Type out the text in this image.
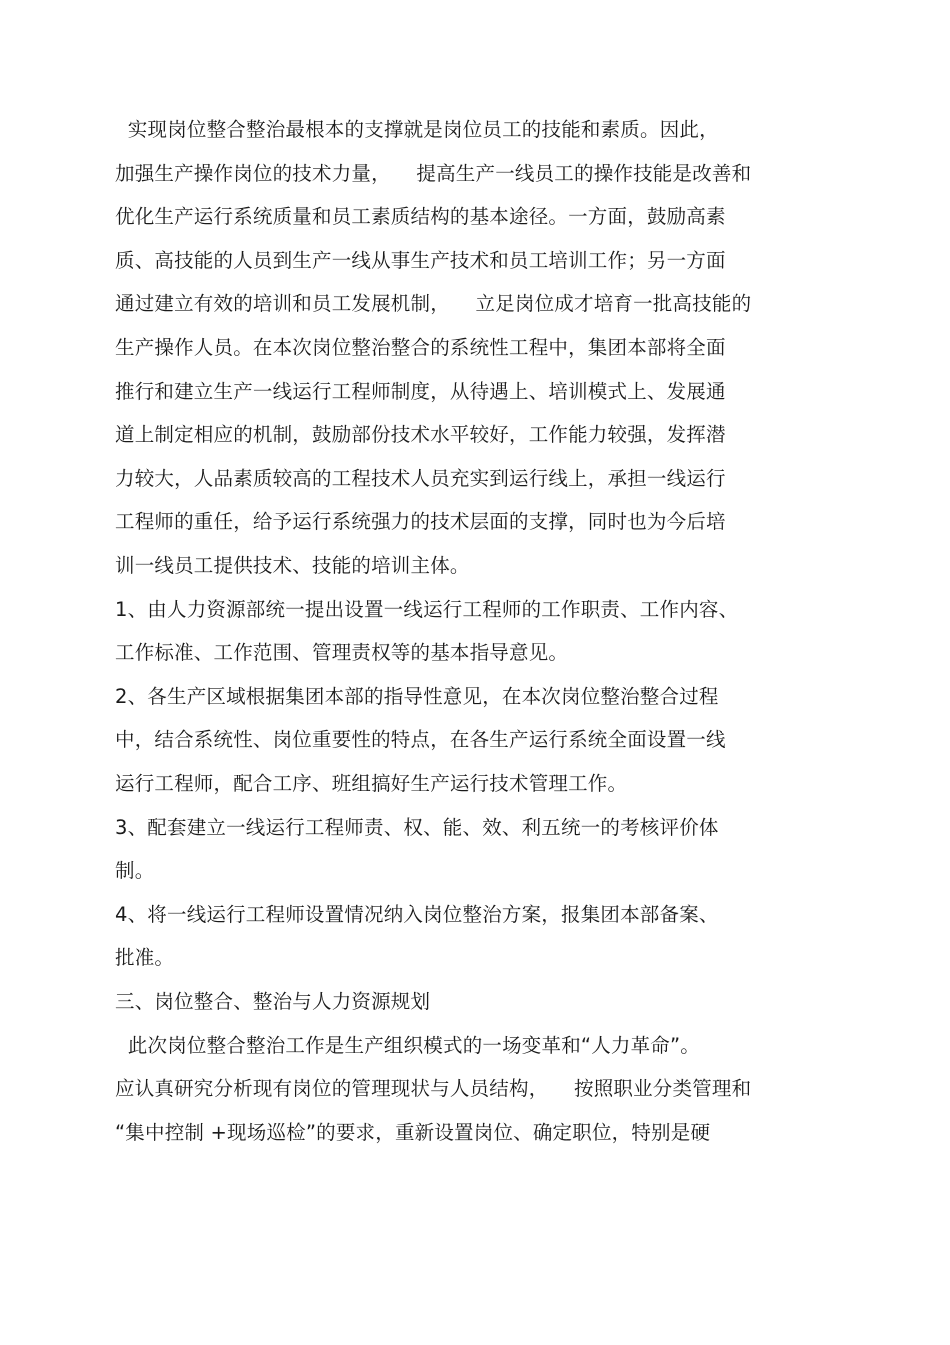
实现岗位整合整治最根本的支撑就是岗位员工的技能和素质。因此，
加强生产操作岗位的技术力量，    提高生产一线员工的操作技能是改善和
优化生产运行系统质量和员工素质结构的基本途径。一方面，鼓励高素
质、高技能的人员到生产一线从事生产技术和员工培训工作；另一方面
通过建立有效的培训和员工发展机制，    立足岗位成才培育一批高技能的
生产操作人员。在本次岗位整治整合的系统性工程中，集团本部将全面
推行和建立生产一线运行工程师制度，从待遇上、培训模式上、发展通
道上制定相应的机制，鼓励部份技术水平较好，工作能力较强，发挥潜
力较大，人品素质较高的工程技术人员充实到运行线上，承担一线运行
工程师的重任，给予运行系统强力的技术层面的支撑，同时也为今后培
训一线员工提供技术、技能的培训主体。
1、由人力资源部统一提出设置一线运行工程师的工作职责、工作内容、
工作标准、工作范围、管理责权等的基本指导意见。
2、各生产区域根据集团本部的指导性意见，在本次岗位整治整合过程
中，结合系统性、岗位重要性的特点，在各生产运行系统全面设置一线
运行工程师，配合工序、班组搞好生产运行技术管理工作。
3、配套建立一线运行工程师责、权、能、效、利五统一的考核评价体
制。
4、将一线运行工程师设置情况纳入岗位整治方案，报集团本部备案、
批准。
三、岗位整合、整治与人力资源规划
此次岗位整合整治工作是生产组织模式的一场变革和“人力革命”。
应认真研究分析现有岗位的管理现状与人员结构，    按照职业分类管理和
“集中控制 +现场巡检”的要求，重新设置岗位、确定职位，特别是硬
